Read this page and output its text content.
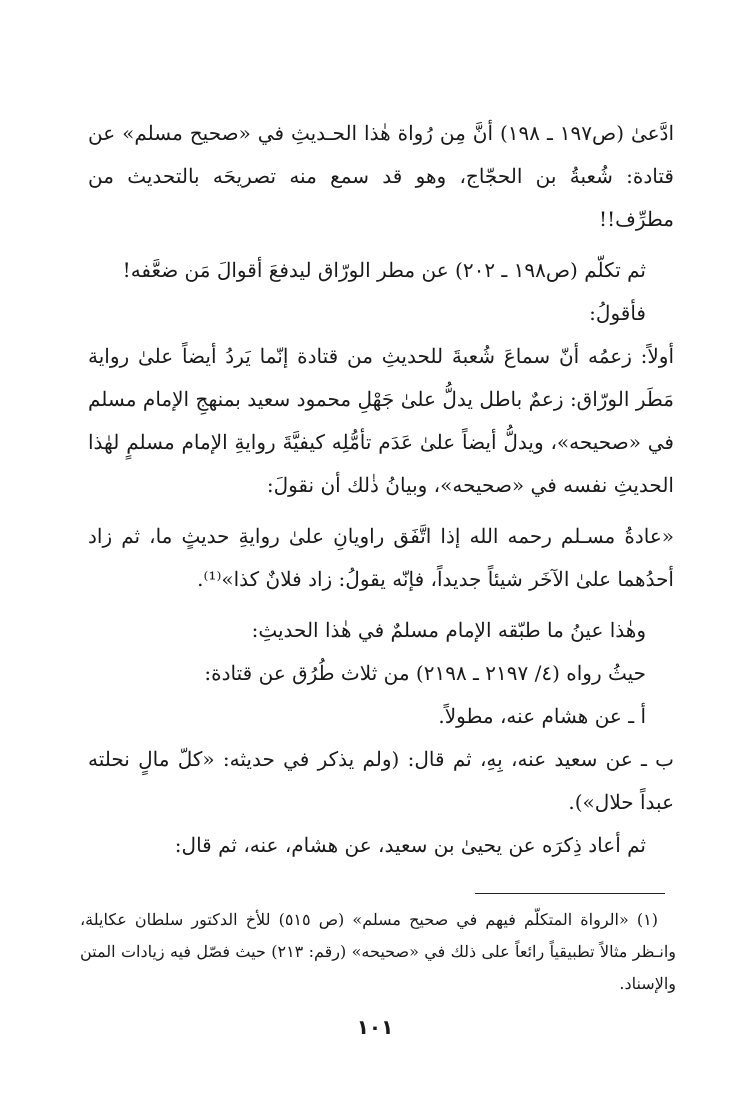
ادَّعىٰ (ص١٩٧ ـ ١٩٨) أنَّ مِن رُواة هٰذا الحـديثِ في «صحيح مسلم» عن قتادة: شُعبةُ بن الحجّاج، وهو قد سمع منه تصريحَه بالتحديث من مطرِّف!!

ثم تكلّم (ص١٩٨ ـ ٢٠٢) عن مطر الورّاق ليدفعَ أقوالَ مَن ضعَّفه!

فأقولُ:

أولاً: زعمُه أنّ سماعَ شُعبةَ للحديثِ من قتادة إنّما يَردُ أيضاً علىٰ رواية مَطَر الورّاق: زعمٌ باطل يدلُّ علىٰ جَهْلِ محمود سعيد بمنهجِ الإمام مسلم في «صحيحه»، ويدلُّ أيضاً علىٰ عَدَم تأمُّلِه كيفيَّةَ روايةِ الإمام مسلمٍ لهٰذا الحديثِ نفسه في «صحيحه»، وبيانُ ذٰلك أن نقولَ:

«عادةُ مسـلم رحمه الله إذا اتَّفَق راويانِ علىٰ روايةِ حديثٍ ما، ثم زاد أحدُهما علىٰ الآخَر شيئاً جديداً، فإنّه يقولُ: زاد فلانٌ كذا»⁽¹⁾.

وهٰذا عينُ ما طبّقه الإمام مسلمٌ في هٰذا الحديثِ:

حيثُ رواه (٤/ ٢١٩٧ ـ ٢١٩٨) من ثلاث طُرُق عن قتادة:

أ ـ عن هشام عنه، مطولاً.

ب ـ عن سعيد عنه، بِهِ، ثم قال: (ولم يذكر في حديثه: «كلّ مالٍ نحلته عبداً حلال»).

ثم أعاد ذِكرَه عن يحيىٰ بن سعيد، عن هشام، عنه، ثم قال:

(١) «الرواة المتكلّم فيهم في صحيح مسلم» (ص ٥١٥) للأخ الدكتور سلطان عكايلة، وانـظر مثالاً تطبيقياً رائعاً على ذلك في «صحيحه» (رقم: ٢١٣) حيث فصّل فيه زيادات المتن والإسناد.

١٠١
